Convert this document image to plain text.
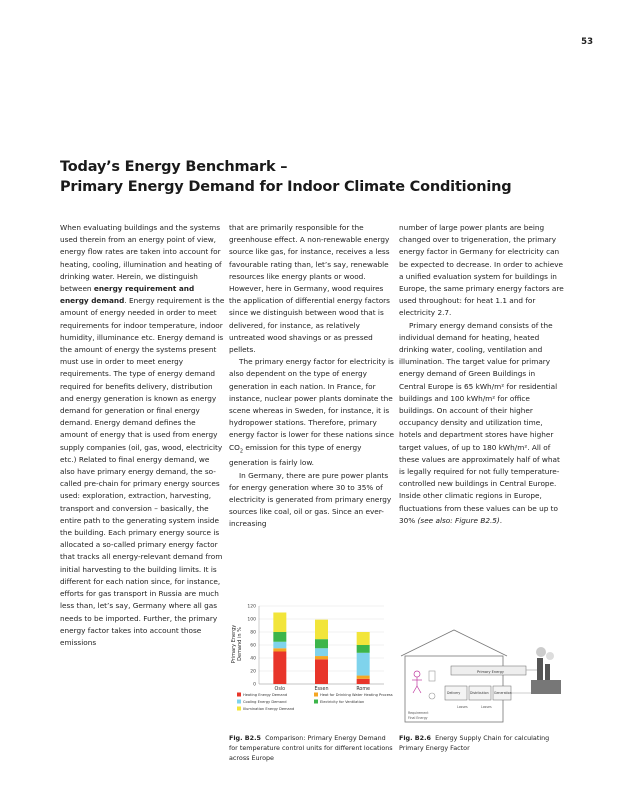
53
Today’s Energy Benchmark –
Primary Energy Demand for Indoor Climate Conditioning

When evaluating buildings and the systems used therein from an energy point of view, energy flow rates are taken into account for heating, cooling, illumination and heating of drinking water. Herein, we distinguish between energy requirement and energy demand. Energy requirement is the amount of energy needed in order to meet requirements for indoor temperature, indoor humidity, illuminance etc. Energy demand is the amount of energy the systems present must use in order to meet energy requirements. The type of energy demand required for benefits delivery, distribution and energy generation is known as energy demand for generation or final energy demand. Energy demand defines the amount of energy that is used from energy supply companies (oil, gas, wood, electricity etc.) Related to final energy demand, we also have primary energy demand, the so-called pre-chain for primary energy sources used: exploration, extraction, harvesting, transport and conversion – basically, the entire path to the generating system inside the building. Each primary energy source is allocated a so-called primary energy factor that tracks all energy-relevant demand from initial harvesting to the building limits. It is different for each nation since, for instance, efforts for gas transport in Russia are much less than, let’s say, Germany where all gas needs to be imported. Further, the primary energy factor takes into account those emissions

that are primarily responsible for the greenhouse effect. A non-renewable energy source like gas, for instance, receives a less favourable rating than, let’s say, renewable resources like energy plants or wood. However, here in Germany, wood requires the application of differential energy factors since we distinguish between wood that is delivered, for instance, as relatively untreated wood shavings or as pressed pellets.

The primary energy factor for electricity is also dependent on the type of energy generation in each nation. In France, for instance, nuclear power plants dominate the scene whereas in Sweden, for instance, it is hydropower stations. Therefore, primary energy factor is lower for these nations since $CO_2$ emission for this type of energy generation is fairly low.

In Germany, there are pure power plants for energy generation where 30 to 35% of electricity is generated from primary energy sources like coal, oil or gas. Since an ever-increasing

number of large power plants are being changed over to trigeneration, the primary energy factor in Germany for electricity can be expected to decrease. In order to achieve a unified evaluation system for buildings in Europe, the same primary energy factors are used throughout: for heat 1.1 and for electricity 2.7.

Primary energy demand consists of the individual demand for heating, heated drinking water, cooling, ventilation and illumination. The target value for primary energy demand of Green Buildings in Central Europe is 65 kWh/m² for residential buildings and 100 kWh/m² for office buildings. On account of their higher occupancy density and utilization time, hotels and department stores have higher target values, of up to 180 kWh/m². All of these values are approximately half of what is legally required for not fully temperature-controlled new buildings in Central Europe. Inside other climatic regions in Europe, fluctuations from these values can be up to 30% (see also: Figure B2.5).

Primary Energy Demand in %
0
20
40
60
80
100
120
Oslo	Essen	Rome
Heating Energy Demand
Cooling Energy Demand
Illumination Energy Demand
Heat for Drinking Water Heating Process
Electricity for Ventilation
Primary Energy
Delivery	Distribution Generation
Losses	Losses
Requirement
Final Energy
Fig. B2.5 Comparison: Primary Energy Demand for temperature control units for different locations across Europe
Fig. B2.6 Energy Supply Chain for calculating Primary Energy Factor
